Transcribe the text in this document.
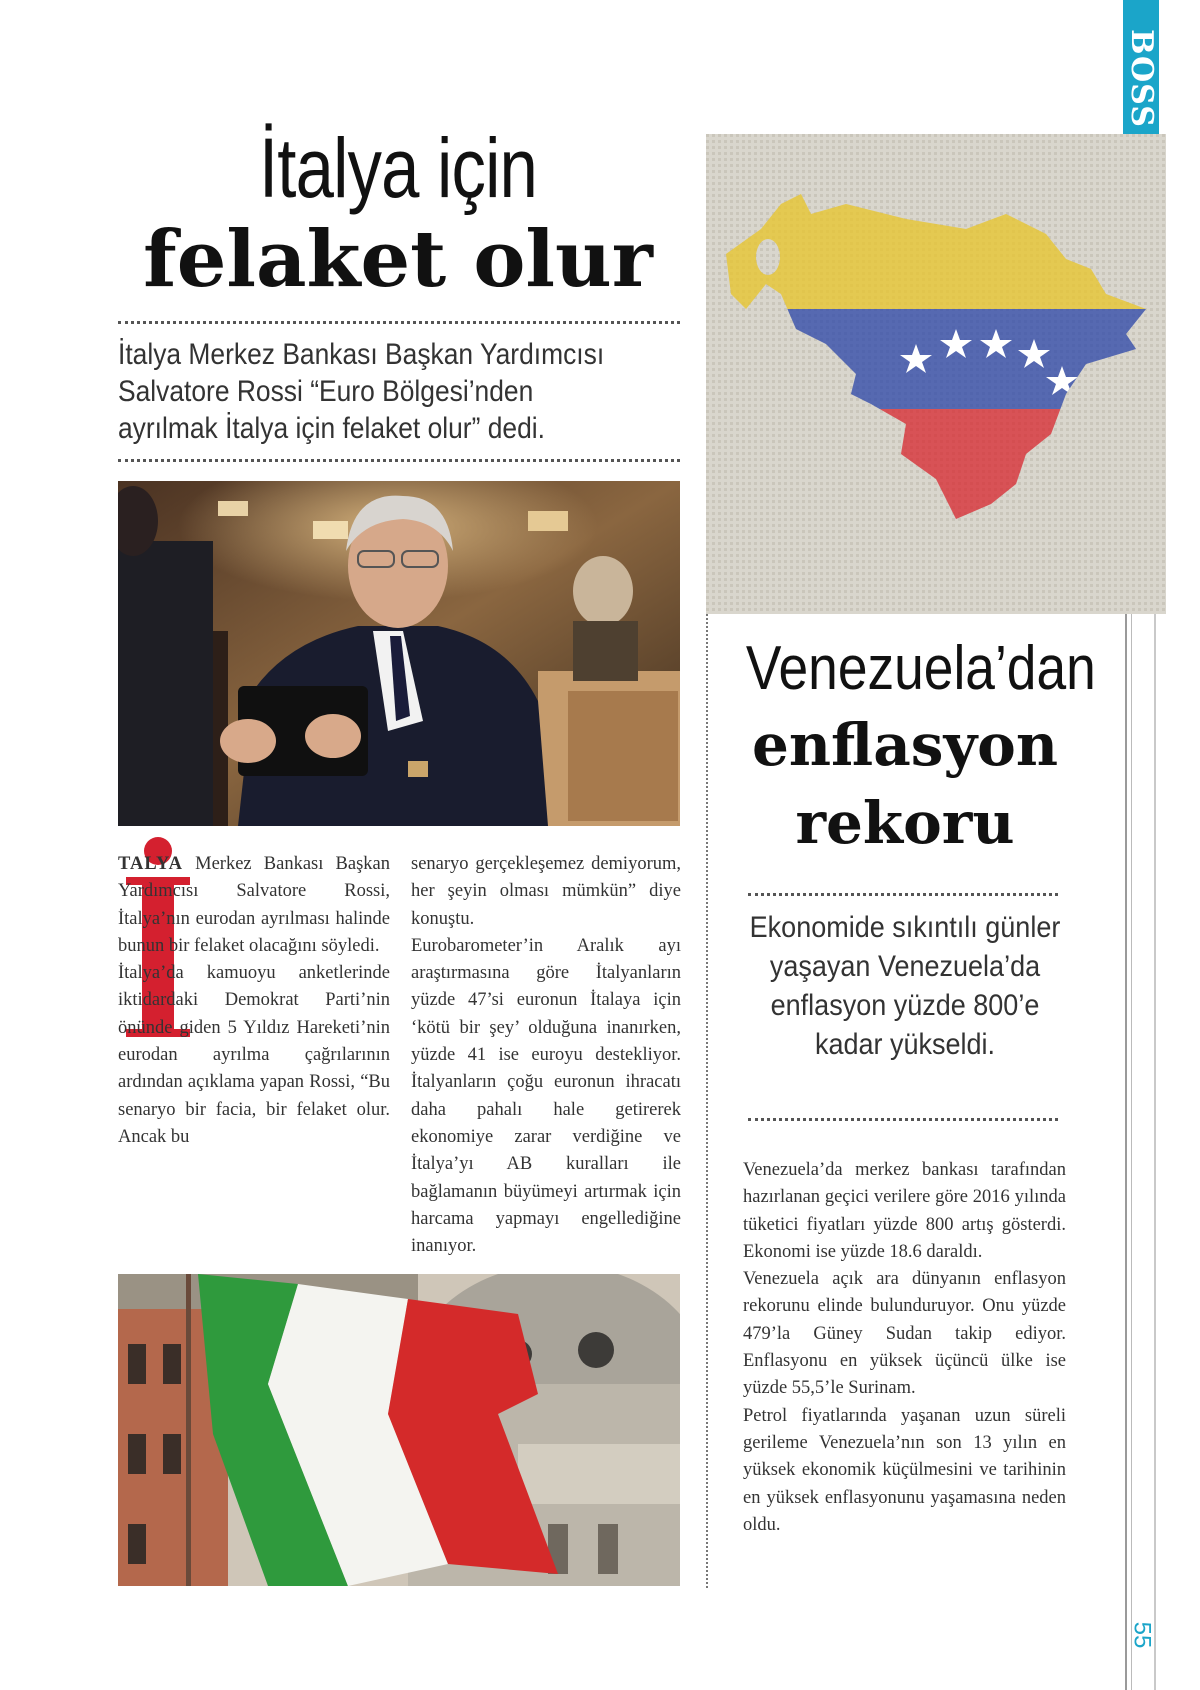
BOSS
55
İtalya için
felaket olur
İtalya Merkez Bankası Başkan Yardımcısı Salvatore Rossi “Euro Bölgesi’nden ayrılmak İtalya için felaket olur” dedi.
İ

TALYA Merkez Bankası Başkan Yardımcısı Salvatore Rossi, İtalya’nın eurodan ayrılması halinde bunun bir felaket olacağını söyledi.

İtalya’da kamuoyu anketlerinde iktidardaki Demokrat Parti’nin önünde giden 5 Yıldız Hareketi’nin eurodan ayrılma çağrılarının ardından açıklama yapan Rossi, “Bu senaryo bir facia, bir felaket olur. Ancak bu

senaryo gerçekleşemez demiyorum, her şeyin olması mümkün” diye konuştu.

Eurobarometer’in Aralık ayı araştırmasına göre İtalyanların yüzde 47’si euronun İtalaya için ‘kötü bir şey’ olduğuna inanırken, yüzde 41 ise euroyu destekliyor. İtalyanların çoğu euronun ihracatı daha pahalı hale getirerek ekonomiye zarar verdiğine ve İtalya’yı AB kuralları ile bağlamanın büyümeyi artırmak için harcama yapmayı engellediğine inanıyor.

Venezuela’dan
enflasyon
rekoru
Ekonomide sıkıntılı günler yaşayan Venezuela’da enflasyon yüzde 800’e kadar yükseldi.

Venezuela’da merkez bankası tarafından hazırlanan geçici verilere göre 2016 yılında tüketici fiyatları yüzde 800 artış gösterdi. Ekonomi ise yüzde 18.6 daraldı.

Venezuela açık ara dünyanın enflasyon rekorunu elinde bulunduruyor. Onu yüzde 479’la Güney Sudan takip ediyor. Enflasyonu en yüksek üçüncü ülke ise yüzde 55,5’le Surinam.

Petrol fiyatlarında yaşanan uzun süreli gerileme Venezuela’nın son 13 yılın en yüksek ekonomik küçülmesini ve tarihinin en yüksek enflasyonunu yaşamasına neden oldu.
